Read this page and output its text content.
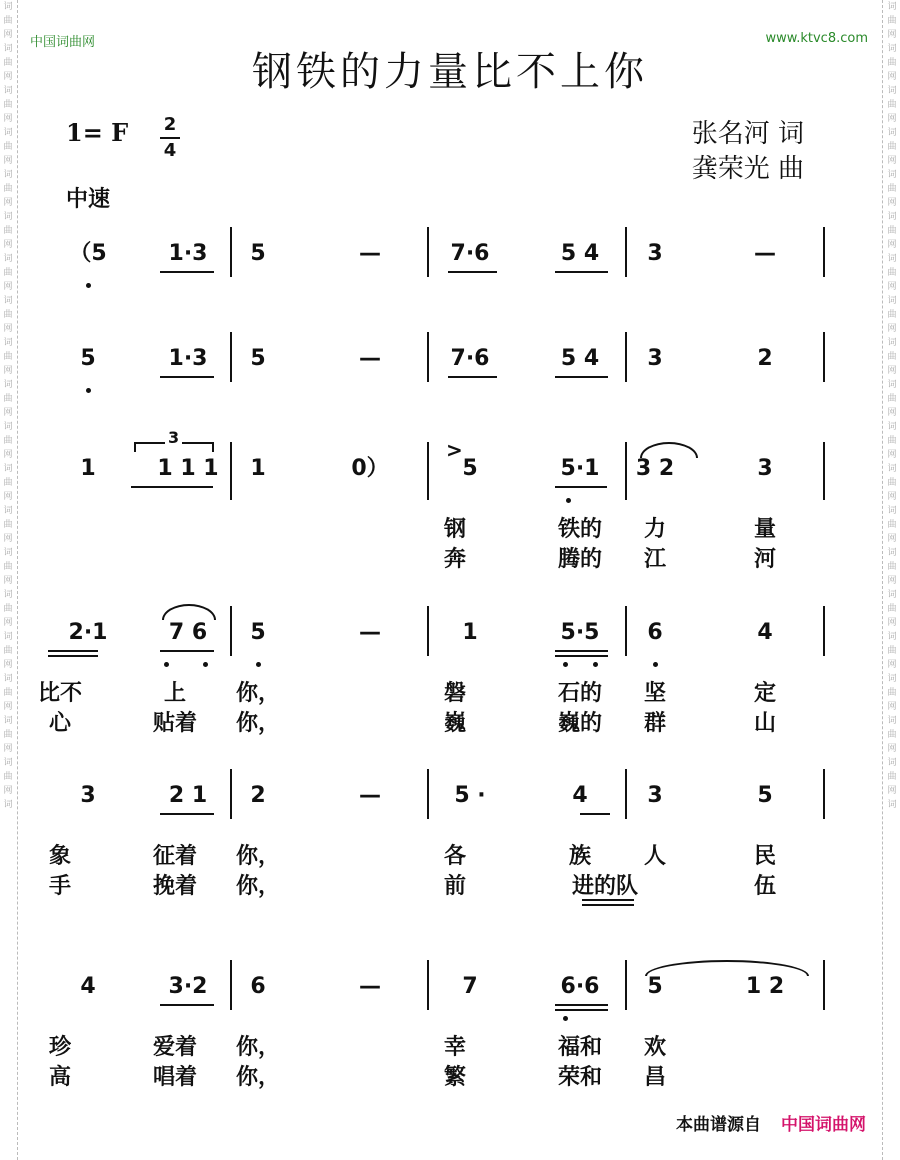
词
曲
网
词
曲
网
词
曲
网
词
曲
网
词
曲
网
词
曲
网
词
曲
网
词
曲
网
词
曲
网
词
曲
网
词
曲
网
词
曲
网
词
曲
网
词
曲
网
词
曲
网
词
曲
网
词
曲
网
词
曲
网
词
曲
网
词
词
曲
网
词
曲
网
词
曲
网
词
曲
网
词
曲
网
词
曲
网
词
曲
网
词
曲
网
词
曲
网
词
曲
网
词
曲
网
词
曲
网
词
曲
网
词
曲
网
词
曲
网
词
曲
网
词
曲
网
词
曲
网
词
曲
网
词
中国词曲网	www.ktvc8.com
钢铁的力量比不上你
1= F 2
4
中速
张名河 词
龚荣光 曲
（5	1·3 5	—	7·6	5 4 3	—
5	1·3 5	—	7·6	5 4 3	2
1	1 1 1 1	0）	5	5·1 3 2	3
钢	铁的 力	量
奔	腾的 江	河
2·1	7 6 5	—	1	5·5 6	4
比不	上 你，	磐	石的 坚	定
心	贴着 你，	巍	巍的 群	山
3	2 1 2	—	5 ·	4	3	5
象	征着 你，	各	族 人	民
手	挽着 你，	前	进的队	伍
4	3·2 6	—	7	6·6 5	1 2
珍	爱着 你，	幸	福和 欢
高	唱着 你，	繁	荣和 昌
3
>
本曲谱源自 中国词曲网
